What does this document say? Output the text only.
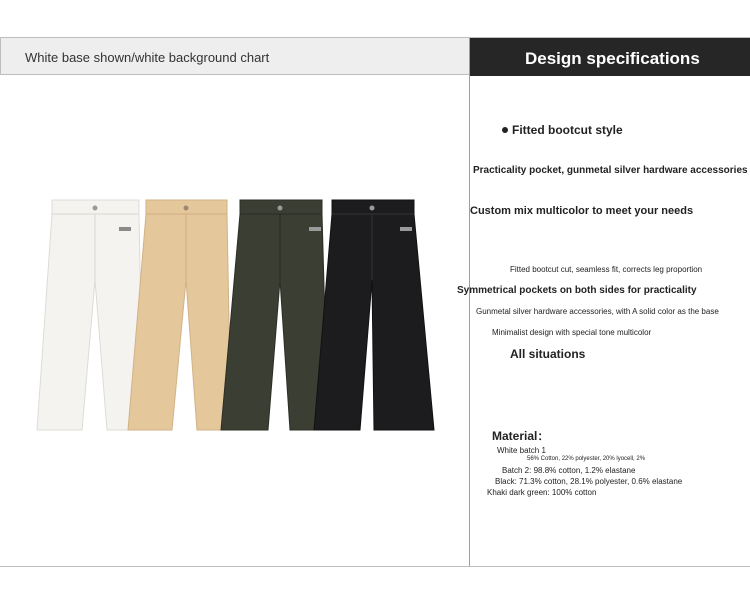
White base shown/white background chart	Design specifications
Fitted bootcut style
Practicality pocket, gunmetal silver hardware accessories
Custom mix multicolor to meet your needs
Fitted bootcut cut, seamless fit, corrects leg proportion
Symmetrical pockets on both sides for practicality
Gunmetal silver hardware accessories, with A solid color as the base
Minimalist design with special tone multicolor
All situations
Material：
White batch 1
56% Cotton, 22% polyester, 20% lyocell, 2%
Batch 2: 98.8% cotton, 1.2% elastane
Black: 71.3% cotton, 28.1% polyester, 0.6% elastane
Khaki dark green: 100% cotton
